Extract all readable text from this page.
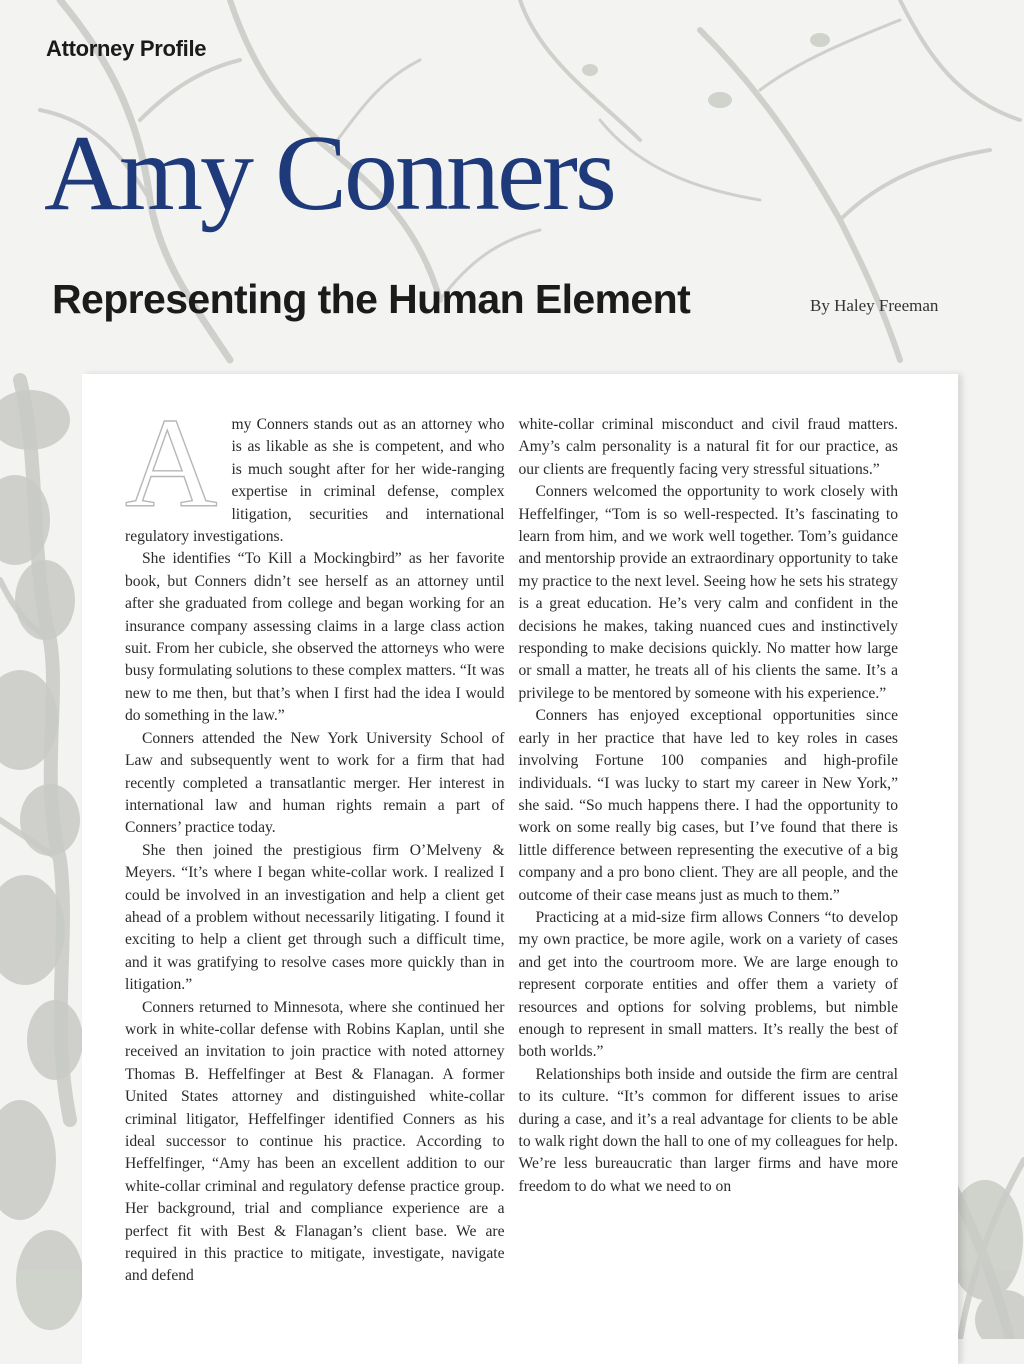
Attorney Profile
Amy Conners
Representing the Human Element	By Haley Freeman

Amy Conners stands out as an attorney who is as likable as she is competent, and who is much sought after for her wide-ranging expertise in criminal defense, complex litigation, securities and international regulatory investigations.

She identifies “To Kill a Mockingbird” as her favorite book, but Conners didn’t see herself as an attorney until after she graduated from college and began working for an insurance company assessing claims in a large class action suit. From her cubicle, she observed the attorneys who were busy formulating solutions to these complex matters. “It was new to me then, but that’s when I first had the idea I would do something in the law.”

Conners attended the New York University School of Law and subsequently went to work for a firm that had recently completed a transatlantic merger. Her interest in international law and human rights remain a part of Conners’ practice today.

She then joined the prestigious firm O’Melveny & Meyers. “It’s where I began white-collar work. I realized I could be involved in an investigation and help a client get ahead of a problem without necessarily litigating. I found it exciting to help a client get through such a difficult time, and it was gratifying to resolve cases more quickly than in litigation.”

Conners returned to Minnesota, where she continued her work in white-collar defense with Robins Kaplan, until she received an invitation to join practice with noted attorney Thomas B. Heffelfinger at Best & Flanagan. A former United States attorney and distinguished white-collar criminal litigator, Heffelfinger identified Conners as his ideal successor to continue his practice. According to Heffelfinger, “Amy has been an excellent addition to our white-collar criminal and regulatory defense practice group. Her background, trial and compliance experience are a perfect fit with Best & Flanagan’s client base. We are required in this practice to mitigate, investigate, navigate and defend

white-collar criminal misconduct and civil fraud matters. Amy’s calm personality is a natural fit for our practice, as our clients are frequently facing very stressful situations.”

Conners welcomed the opportunity to work closely with Heffelfinger, “Tom is so well-respected. It’s fascinating to learn from him, and we work well together. Tom’s guidance and mentorship provide an extraordinary opportunity to take my practice to the next level. Seeing how he sets his strategy is a great education. He’s very calm and confident in the decisions he makes, taking nuanced cues and instinctively responding to make decisions quickly. No matter how large or small a matter, he treats all of his clients the same. It’s a privilege to be mentored by someone with his experience.”

Conners has enjoyed exceptional opportunities since early in her practice that have led to key roles in cases involving Fortune 100 companies and high-profile individuals. “I was lucky to start my career in New York,” she said. “So much happens there. I had the opportunity to work on some really big cases, but I’ve found that there is little difference between representing the executive of a big company and a pro bono client. They are all people, and the outcome of their case means just as much to them.”

Practicing at a mid-size firm allows Conners “to develop my own practice, be more agile, work on a variety of cases and get into the courtroom more. We are large enough to represent corporate entities and offer them a variety of resources and options for solving problems, but nimble enough to represent in small matters. It’s really the best of both worlds.”

Relationships both inside and outside the firm are central to its culture. “It’s common for different issues to arise during a case, and it’s a real advantage for clients to be able to walk right down the hall to one of my colleagues for help. We’re less bureaucratic than larger firms and have more freedom to do what we need to on
